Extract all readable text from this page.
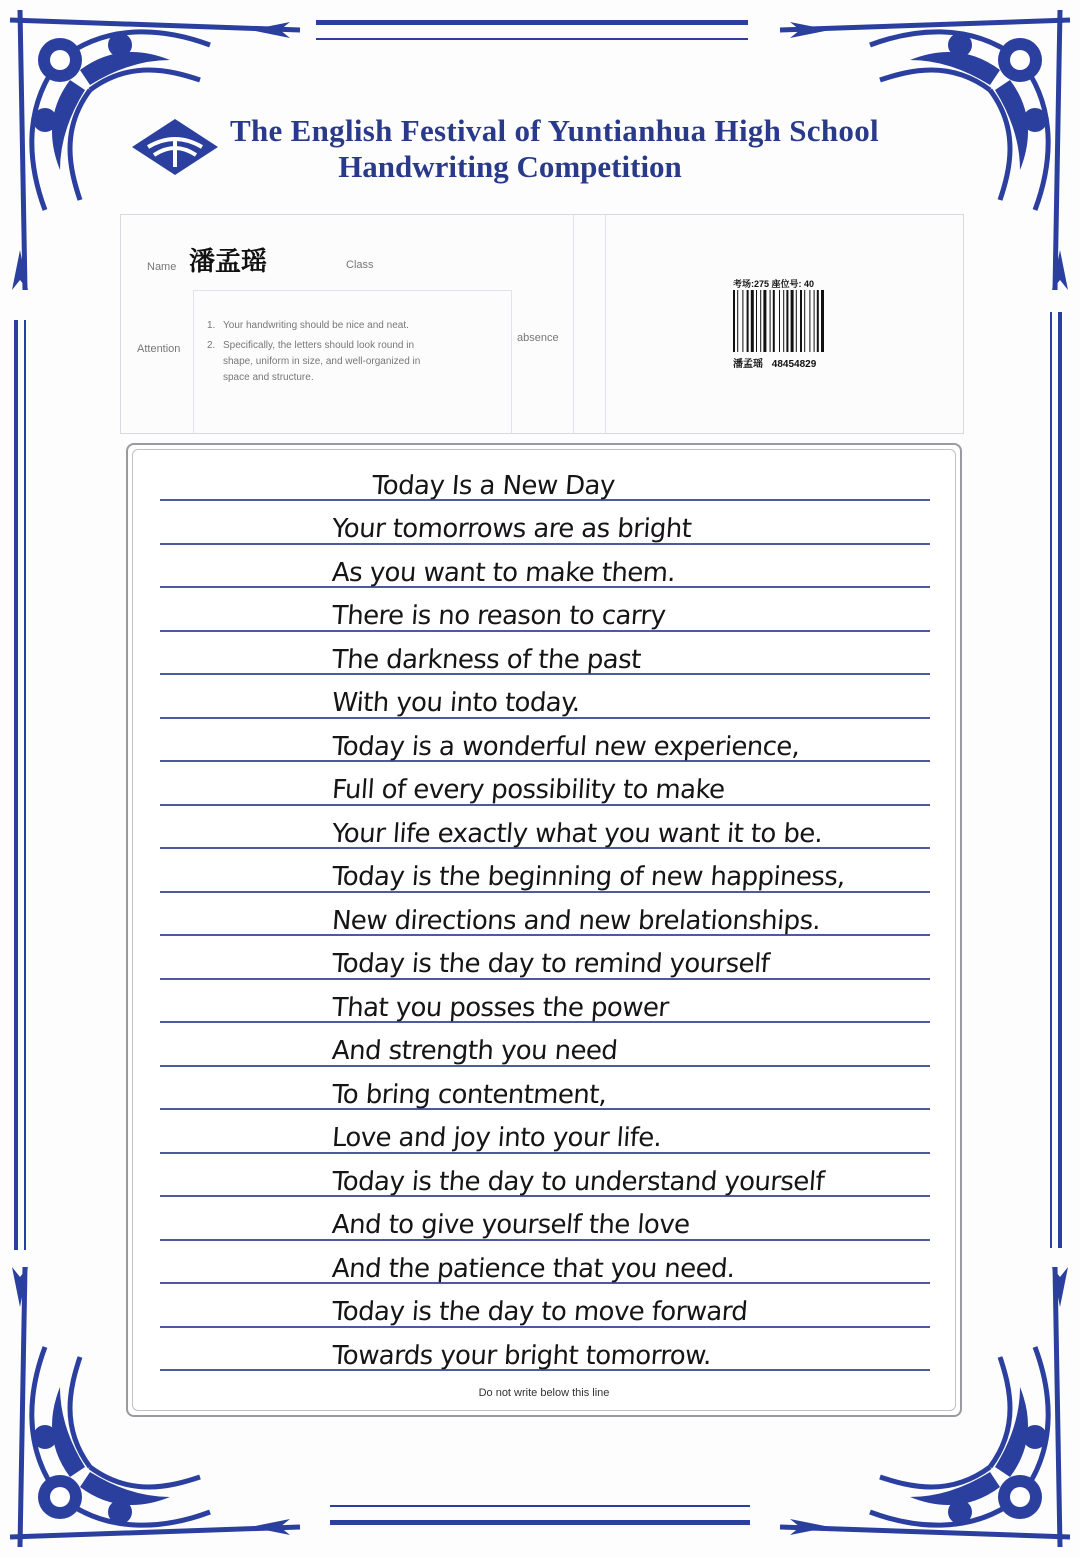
The English Festival of Yuntianhua High School
Handwriting Competition
Name 潘孟瑶	Class
Attention
1. Your handwriting should be nice and neat.
2. Specifically, the letters should look round in
shape, uniform in size, and well-organized in
space and structure.
absence
考场:275 座位号: 40
潘孟瑶 48454829
Do not write below this line
Today Is a New Day
Your tomorrows are as bright
As you want to make them.
There is no reason to carry
The darkness of the past
With you into today.
Today is a wonderful new experience,
Full of every possibility to make
Your life exactly what you want it to be.
Today is the beginning of new happiness,
New directions and new brelationships.
Today is the day to remind yourself
That you posses the power
And strength you need
To bring contentment,
Love and joy into your life.
Today is the day to understand yourself
And to give yourself the love
And the patience that you need.
Today is the day to move forward
Towards your bright tomorrow.
